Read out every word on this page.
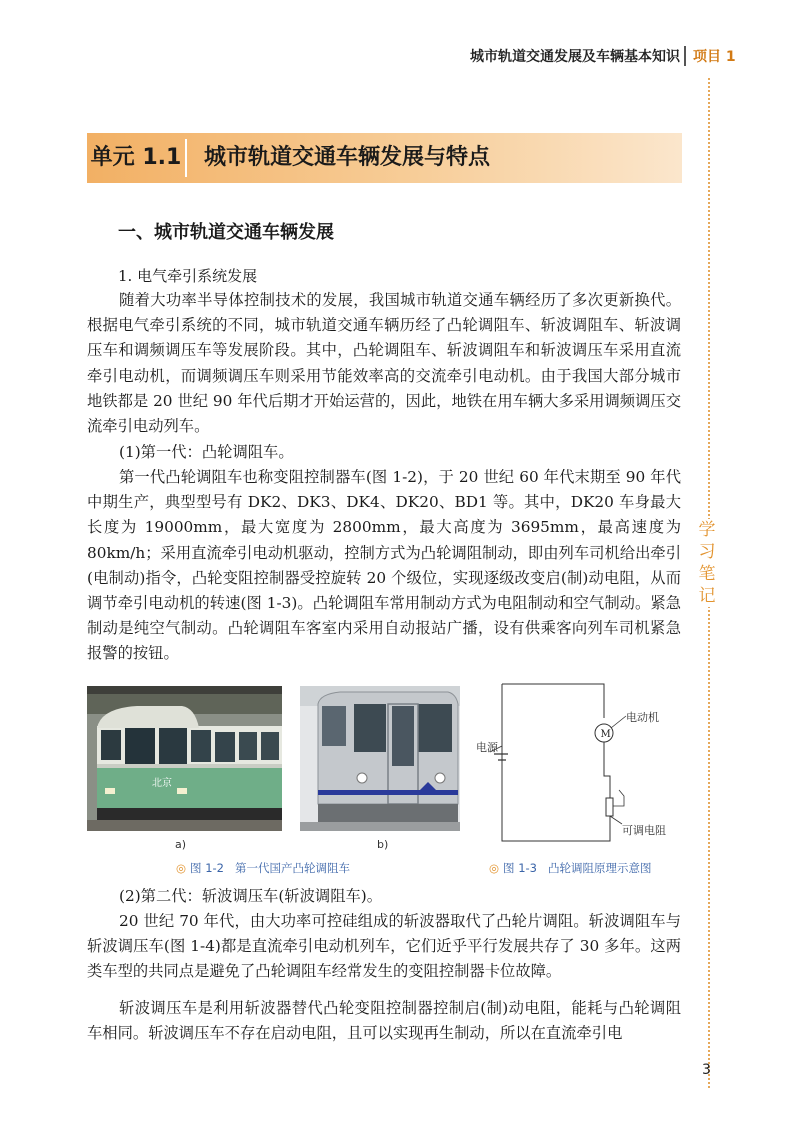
城市轨道交通发展及车辆基本知识 项目 1
学习笔记
单元 1.1 城市轨道交通车辆发展与特点
一、城市轨道交通车辆发展
1. 电气牵引系统发展

随着大功率半导体控制技术的发展，我国城市轨道交通车辆经历了多次更新换代。根据电气牵引系统的不同，城市轨道交通车辆历经了凸轮调阻车、斩波调阻车、斩波调压车和调频调压车等发展阶段。其中，凸轮调阻车、斩波调阻车和斩波调压车采用直流牵引电动机，而调频调压车则采用节能效率高的交流牵引电动机。由于我国大部分城市地铁都是 20 世纪 90 年代后期才开始运营的，因此，地铁在用车辆大多采用调频调压交流牵引电动列车。

(1)第一代：凸轮调阻车。

第一代凸轮调阻车也称变阻控制器车(图 1-2)，于 20 世纪 60 年代末期至 90 年代中期生产，典型型号有 DK2、DK3、DK4、DK20、BD1 等。其中，DK20 车身最大长度为 19000mm，最大宽度为 2800mm，最大高度为 3695mm，最高速度为 80km/h；采用直流牵引电动机驱动，控制方式为凸轮调阻制动，即由列车司机给出牵引(电制动)指令，凸轮变阻控制器受控旋转 20 个级位，实现逐级改变启(制)动电阻，从而调节牵引电动机的转速(图 1-3)。凸轮调阻车常用制动方式为电阻制动和空气制动。紧急制动是纯空气制动。凸轮调阻车客室内采用自动报站广播，设有供乘客向列车司机紧急报警的按钮。

北京
a)	b)
M
电动机
电源
可调电阻
◎ 图 1-2 第一代国产凸轮调阻车	◎ 图 1-3 凸轮调阻原理示意图

(2)第二代：斩波调压车(斩波调阻车)。

20 世纪 70 年代，由大功率可控硅组成的斩波器取代了凸轮片调阻。斩波调阻车与斩波调压车(图 1-4)都是直流牵引电动机列车，它们近乎平行发展共存了 30 多年。这两类车型的共同点是避免了凸轮调阻车经常发生的变阻控制器卡位故障。

斩波调压车是利用斩波器替代凸轮变阻控制器控制启(制)动电阻，能耗与凸轮调阻车相同。斩波调压车不存在启动电阻，且可以实现再生制动，所以在直流牵引电

3
